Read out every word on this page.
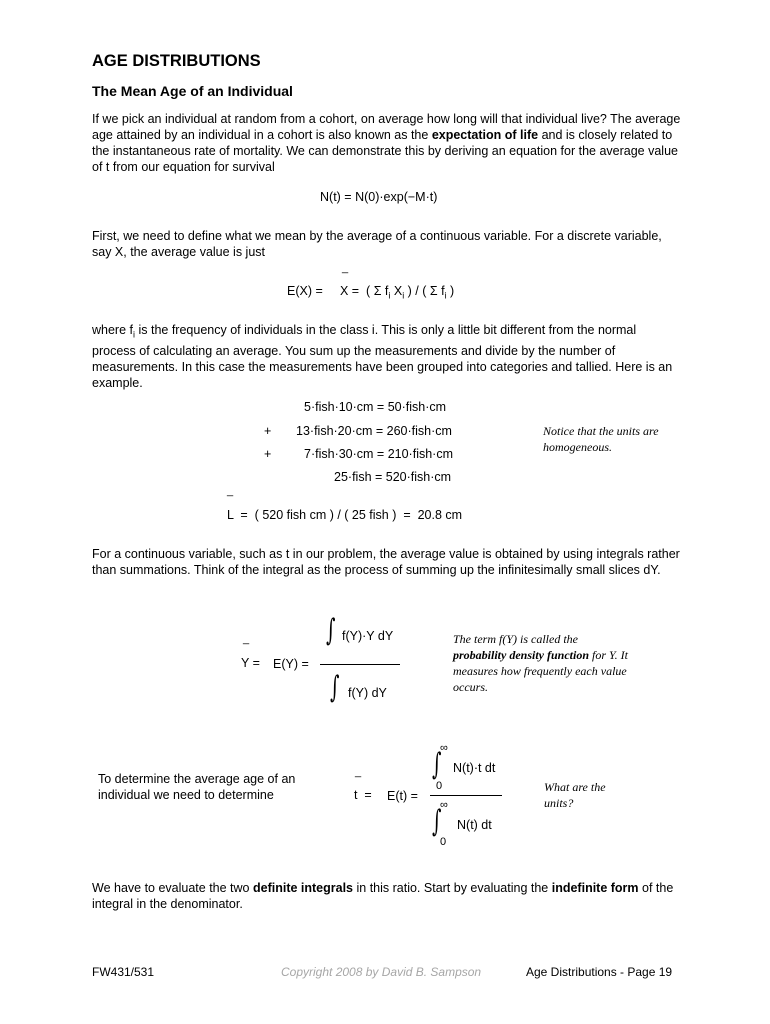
AGE DISTRIBUTIONS
The Mean Age of an Individual

If we pick an individual at random from a cohort, on average how long will that individual live? The average age attained by an individual in a cohort is also known as the expectation of life and is closely related to the instantaneous rate of mortality. We can demonstrate this by deriving an equation for the average value of t from our equation for survival

N(t) = N(0)·exp(−M·t)

First, we need to define what we mean by the average of a continuous variable. For a discrete variable, say X, the average value is just

_
E(X) = X =  ( Σ $f_i$ $X_i$ ) / ( Σ $f_i$ )

where $f_i$ is the frequency of individuals in the class i. This is only a little bit different from the normal process of calculating an average. You sum up the measurements and divide by the number of measurements. In this case the measurements have been grouped into categories and tallied. Here is an example.

5·fish·10·cm = 50·fish·cm
+ 13·fish·20·cm = 260·fish·cm
+	7·fish·30·cm = 210·fish·cm
25·fish = 520·fish·cm
Notice that the units are homogeneous.
_
L  =  ( 520 fish cm ) / ( 25 fish )  =  20.8 cm

For a continuous variable, such as t in our problem, the average value is obtained by using integrals rather than summations. Think of the integral as the process of summing up the infinitesimally small slices dY.

∫ f(Y)·Y dY
∫ f(Y) dY
_
Y = E(Y) =
The term f(Y) is called the probability density function for Y. It measures how frequently each value occurs.
To determine the average age of an individual we need to determine
∫
∞
0
N(t)·t dt
∫
∞
0
N(t) dt
_
t  = E(t) =
What are the units?

We have to evaluate the two definite integrals in this ratio. Start by evaluating the indefinite form of the integral in the denominator.

FW431/531	Copyright 2008 by David B. Sampson	Age Distributions - Page 19
